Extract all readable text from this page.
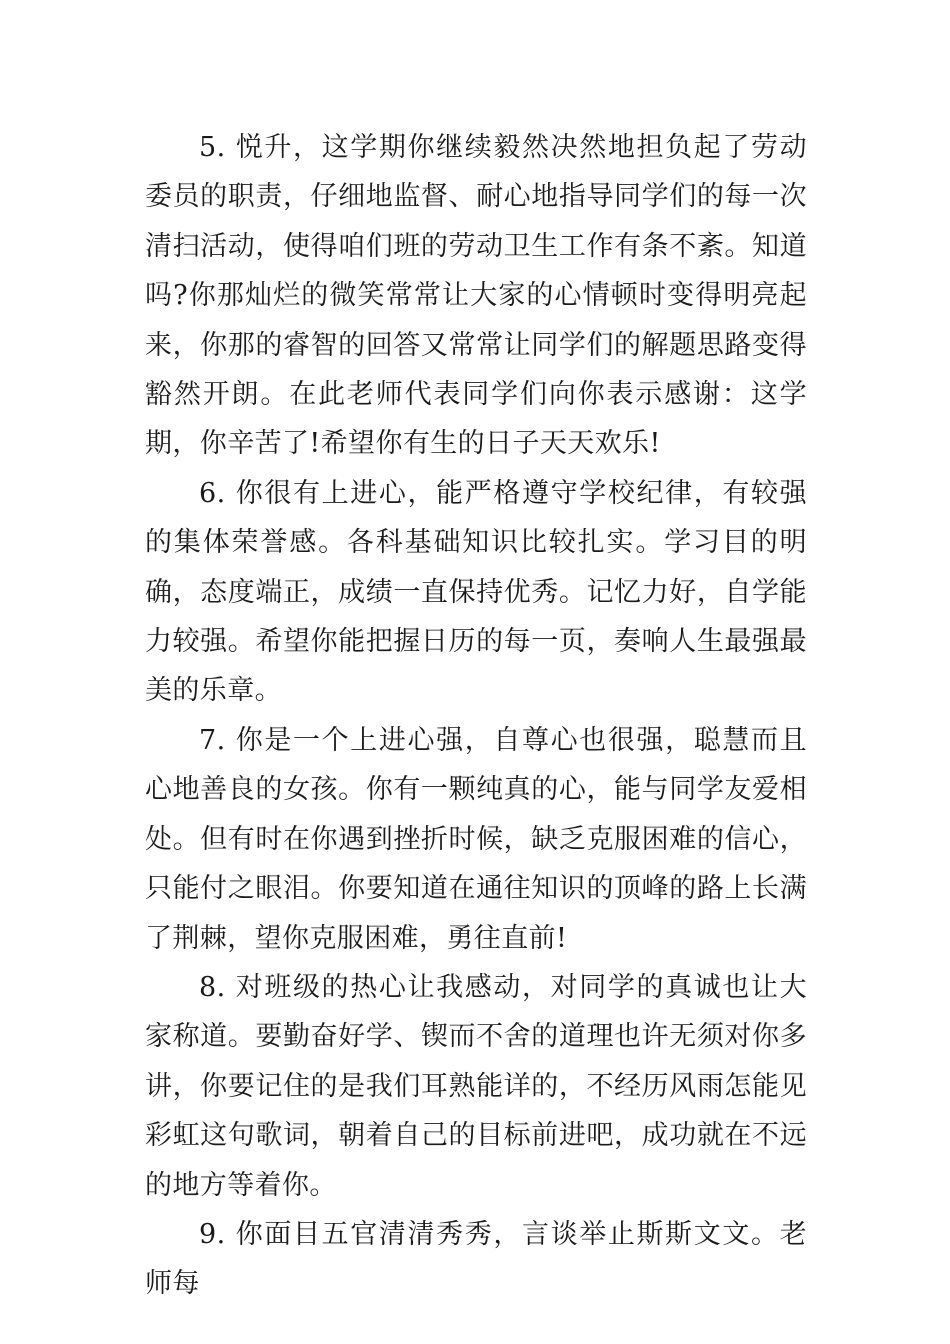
5. 悦升，这学期你继续毅然决然地担负起了劳动委员的职责，仔细地监督、耐心地指导同学们的每一次清扫活动，使得咱们班的劳动卫生工作有条不紊。知道吗?你那灿烂的微笑常常让大家的心情顿时变得明亮起来，你那的睿智的回答又常常让同学们的解题思路变得豁然开朗。在此老师代表同学们向你表示感谢：这学期，你辛苦了!希望你有生的日子天天欢乐!

6. 你很有上进心，能严格遵守学校纪律，有较强的集体荣誉感。各科基础知识比较扎实。学习目的明确，态度端正，成绩一直保持优秀。记忆力好，自学能力较强。希望你能把握日历的每一页，奏响人生最强最美的乐章。

7. 你是一个上进心强，自尊心也很强，聪慧而且心地善良的女孩。你有一颗纯真的心，能与同学友爱相处。但有时在你遇到挫折时候，缺乏克服困难的信心，只能付之眼泪。你要知道在通往知识的顶峰的路上长满了荆棘，望你克服困难，勇往直前!

8. 对班级的热心让我感动，对同学的真诚也让大家称道。要勤奋好学、锲而不舍的道理也许无须对你多讲，你要记住的是我们耳熟能详的，不经历风雨怎能见彩虹这句歌词，朝着自己的目标前进吧，成功就在不远的地方等着你。

9. 你面目五官清清秀秀，言谈举止斯斯文文。老师每
